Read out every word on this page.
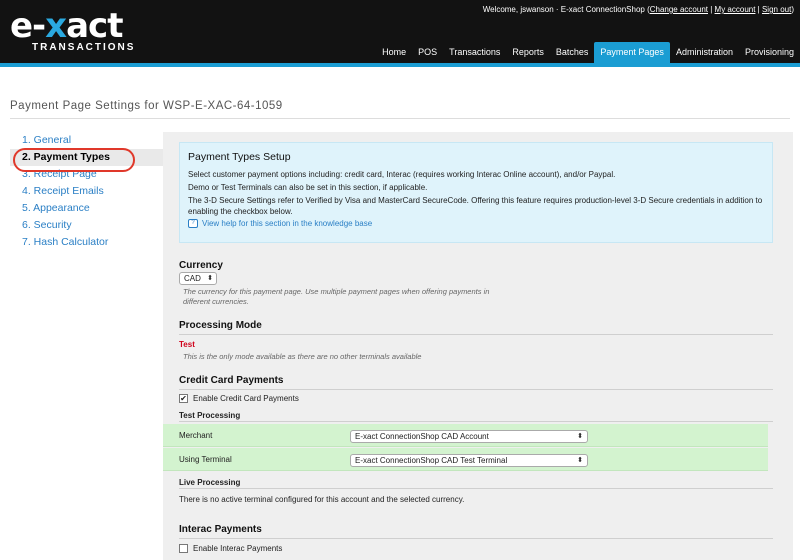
e-xact
TRANSACTIONS
Welcome, jswanson · E-xact ConnectionShop (Change account | My account | Sign out)
Home	POS	Transactions	Reports	Batches	Payment Pages	Administration	Provisioning
Payment Page Settings for WSP-E-XAC-64-1059
1. General
2. Payment Types
3. Receipt Page
4. Receipt Emails
5. Appearance
6. Security
7. Hash Calculator
Payment Types Setup

Select customer payment options including: credit card, Interac (requires working Interac Online account), and/or Paypal.

Demo or Test Terminals can also be set in this section, if applicable.

The 3-D Secure Settings refer to Verified by Visa and MasterCard SecureCode. Offering this feature requires production-level 3-D Secure credentials in addition to enabling the checkbox below.

? View help for this section in the knowledge base
Currency
CAD ⬍
The currency for this payment page. Use multiple payment pages when offering payments in
different currencies.
Processing Mode
Test
This is the only mode available as there are no other terminals available
Credit Card Payments
✔ Enable Credit Card Payments
Test Processing
Merchant	E-xact ConnectionShop CAD Account	⬍
Using Terminal	E-xact ConnectionShop CAD Test Terminal	⬍
Live Processing
There is no active terminal configured for this account and the selected currency.
Interac Payments
Enable Interac Payments
